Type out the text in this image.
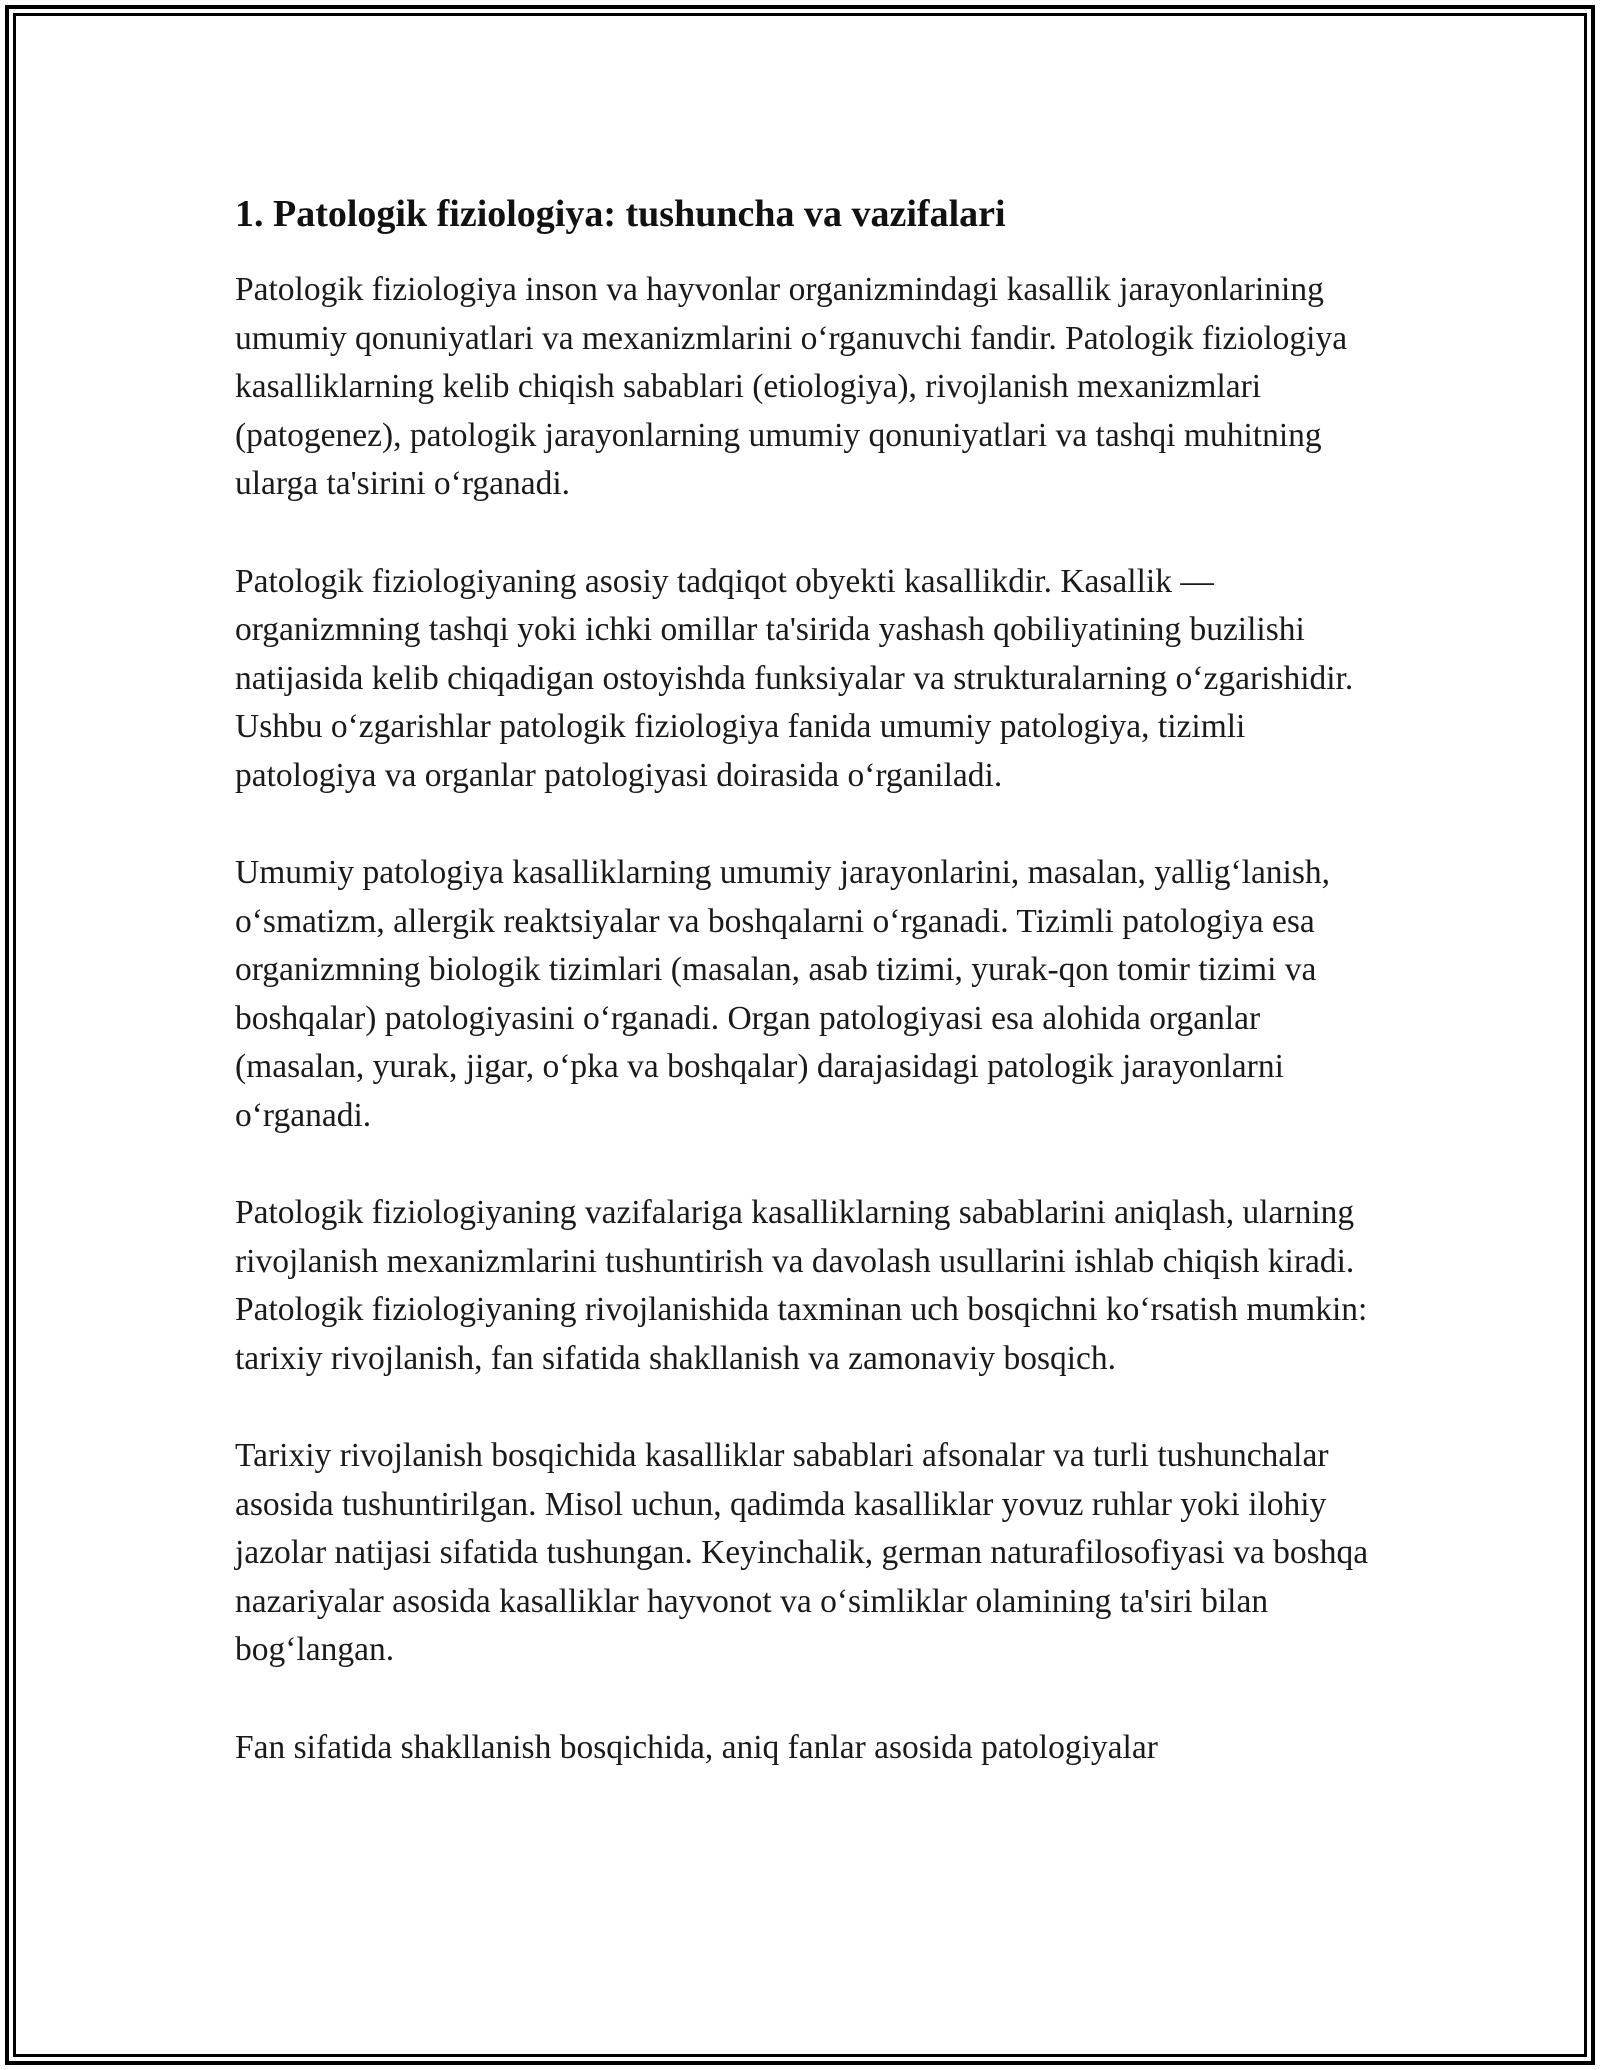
1. Patologik fiziologiya: tushuncha va vazifalari

Patologik fiziologiya inson va hayvonlar organizmindagi kasallik jarayonlarining umumiy qonuniyatlari va mexanizmlarini o‘rganuvchi fandir. Patologik fiziologiya kasalliklarning kelib chiqish sabablari (etiologiya), rivojlanish mexanizmlari (patogenez), patologik jarayonlarning umumiy qonuniyatlari va tashqi muhitning ularga ta'sirini o‘rganadi.

Patologik fiziologiyaning asosiy tadqiqot obyekti kasallikdir. Kasallik — organizmning tashqi yoki ichki omillar ta'sirida yashash qobiliyatining buzilishi natijasida kelib chiqadigan ostoyishda funksiyalar va strukturalarning o‘zgarishidir. Ushbu o‘zgarishlar patologik fiziologiya fanida umumiy patologiya, tizimli patologiya va organlar patologiyasi doirasida o‘rganiladi.

Umumiy patologiya kasalliklarning umumiy jarayonlarini, masalan, yallig‘lanish, o‘smatizm, allergik reaktsiyalar va boshqalarni o‘rganadi. Tizimli patologiya esa organizmning biologik tizimlari (masalan, asab tizimi, yurak-qon tomir tizimi va boshqalar) patologiyasini o‘rganadi. Organ patologiyasi esa alohida organlar (masalan, yurak, jigar, o‘pka va boshqalar) darajasidagi patologik jarayonlarni o‘rganadi.

Patologik fiziologiyaning vazifalariga kasalliklarning sabablarini aniqlash, ularning rivojlanish mexanizmlarini tushuntirish va davolash usullarini ishlab chiqish kiradi. Patologik fiziologiyaning rivojlanishida taxminan uch bosqichni ko‘rsatish mumkin: tarixiy rivojlanish, fan sifatida shakllanish va zamonaviy bosqich.

Tarixiy rivojlanish bosqichida kasalliklar sabablari afsonalar va turli tushunchalar asosida tushuntirilgan. Misol uchun, qadimda kasalliklar yovuz ruhlar yoki ilohiy jazolar natijasi sifatida tushungan. Keyinchalik, german naturafilosofiyasi va boshqa nazariyalar asosida kasalliklar hayvonot va o‘simliklar olamining ta'siri bilan bog‘langan.

Fan sifatida shakllanish bosqichida, aniq fanlar asosida patologiyalar
